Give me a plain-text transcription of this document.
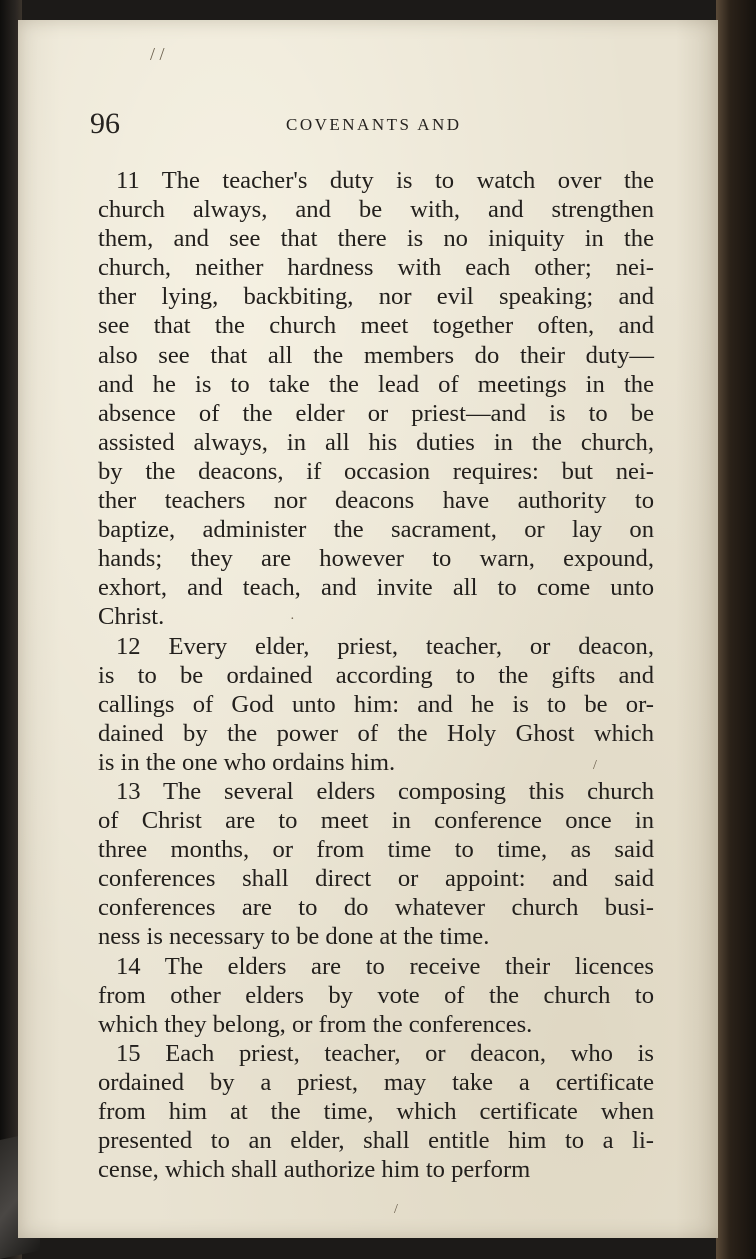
/ /
·
/
/
96	COVENANTS AND
11 The teacher's duty is to watch over the
church always, and be with, and strengthen
them, and see that there is no iniquity in the
church, neither hardness with each other; nei-
ther lying, backbiting, nor evil speaking; and
see that the church meet together often, and
also see that all the members do their duty—
and he is to take the lead of meetings in the
absence of the elder or priest—and is to be
assisted always, in all his duties in the church,
by the deacons, if occasion requires: but nei-
ther teachers nor deacons have authority to
baptize, administer the sacrament, or lay on
hands; they are however to warn, expound,
exhort, and teach, and invite all to come unto
Christ.
12 Every elder, priest, teacher, or deacon,
is to be ordained according to the gifts and
callings of God unto him: and he is to be or-
dained by the power of the Holy Ghost which
is in the one who ordains him.
13 The several elders composing this church
of Christ are to meet in conference once in
three months, or from time to time, as said
conferences shall direct or appoint: and said
conferences are to do whatever church busi-
ness is necessary to be done at the time.
14 The elders are to receive their licences
from other elders by vote of the church to
which they belong, or from the conferences.
15 Each priest, teacher, or deacon, who is
ordained by a priest, may take a certificate
from him at the time, which certificate when
presented to an elder, shall entitle him to a li-
cense, which shall authorize him to perform
